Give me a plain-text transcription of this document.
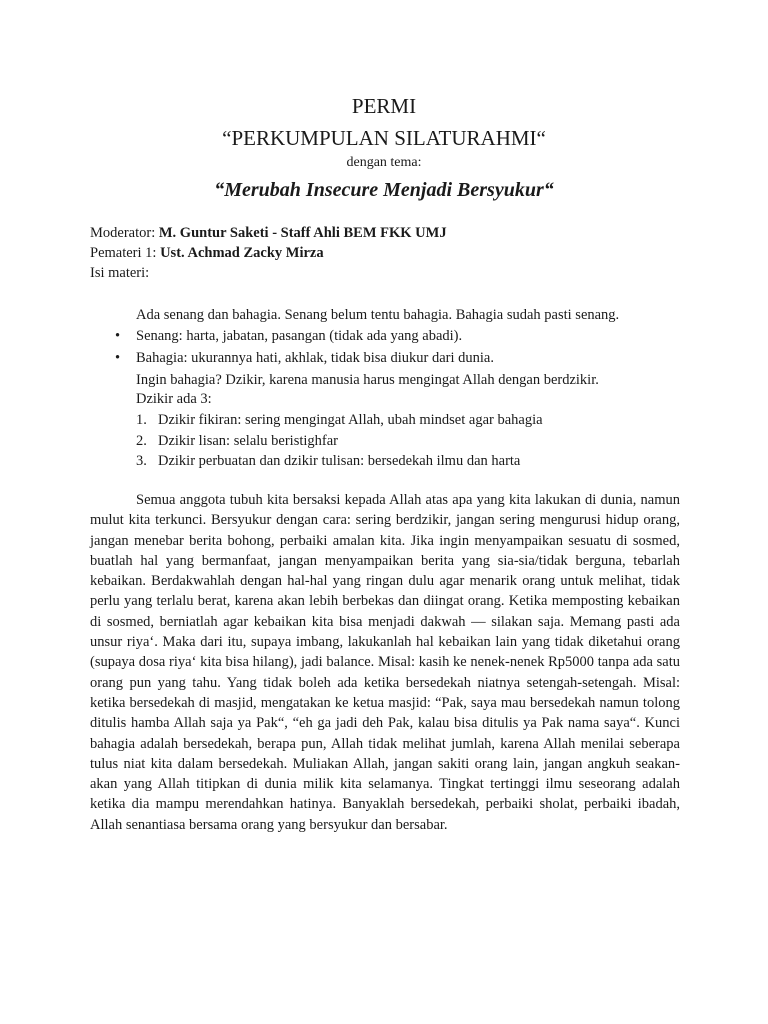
PERMI
“PERKUMPULAN SILATURAHMI“
dengan tema:
“Merubah Insecure Menjadi Bersyukur“
Moderator: M. Guntur Saketi - Staff Ahli BEM FKK UMJ
Pemateri 1: Ust. Achmad Zacky Mirza
Isi materi:
Ada senang dan bahagia. Senang belum tentu bahagia. Bahagia sudah pasti senang.
• Senang: harta, jabatan, pasangan (tidak ada yang abadi).
• Bahagia: ukurannya hati, akhlak, tidak bisa diukur dari dunia.
Ingin bahagia? Dzikir, karena manusia harus mengingat Allah dengan berdzikir.
Dzikir ada 3:
1. Dzikir fikiran: sering mengingat Allah, ubah mindset agar bahagia
2. Dzikir lisan: selalu beristighfar
3. Dzikir perbuatan dan dzikir tulisan: bersedekah ilmu dan harta

Semua anggota tubuh kita bersaksi kepada Allah atas apa yang kita lakukan di dunia, namun mulut kita terkunci. Bersyukur dengan cara: sering berdzikir, jangan sering mengurusi hidup orang, jangan menebar berita bohong, perbaiki amalan kita. Jika ingin menyampaikan sesuatu di sosmed, buatlah hal yang bermanfaat, jangan menyampaikan berita yang sia-sia/tidak berguna, tebarlah kebaikan. Berdakwahlah dengan hal-hal yang ringan dulu agar menarik orang untuk melihat, tidak perlu yang terlalu berat, karena akan lebih berbekas dan diingat orang. Ketika memposting kebaikan di sosmed, berniatlah agar kebaikan kita bisa menjadi dakwah — silakan saja. Memang pasti ada unsur riya‘. Maka dari itu, supaya imbang, lakukanlah hal kebaikan lain yang tidak diketahui orang (supaya dosa riya‘ kita bisa hilang), jadi balance. Misal: kasih ke nenek-nenek Rp5000 tanpa ada satu orang pun yang tahu. Yang tidak boleh ada ketika bersedekah niatnya setengah-setengah. Misal: ketika bersedekah di masjid, mengatakan ke ketua masjid: “Pak, saya mau bersedekah namun tolong ditulis hamba Allah saja ya Pak“, “eh ga jadi deh Pak, kalau bisa ditulis ya Pak nama saya“. Kunci bahagia adalah bersedekah, berapa pun, Allah tidak melihat jumlah, karena Allah menilai seberapa tulus niat kita dalam bersedekah. Muliakan Allah, jangan sakiti orang lain, jangan angkuh seakan-akan yang Allah titipkan di dunia milik kita selamanya. Tingkat tertinggi ilmu seseorang adalah ketika dia mampu merendahkan hatinya. Banyaklah bersedekah, perbaiki sholat, perbaiki ibadah, Allah senantiasa bersama orang yang bersyukur dan bersabar.
